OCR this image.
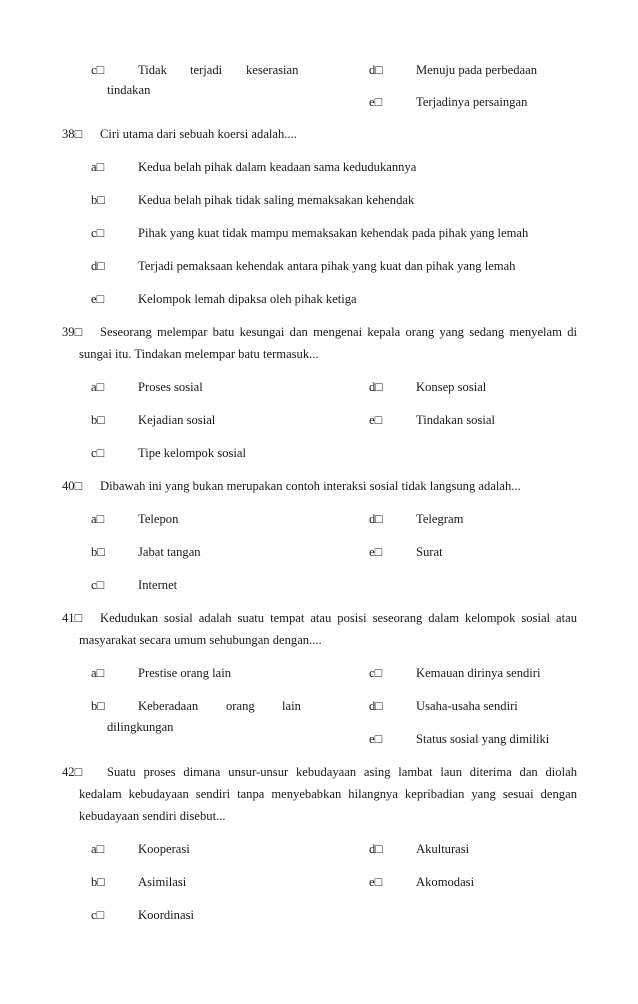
c□	Tidak terjadi keserasian
tindakan
d□	Menuju pada perbedaan
e□	Terjadinya persaingan
38□ Ciri utama dari sebuah koersi adalah....
a□	Kedua belah pihak dalam keadaan sama kedudukannya
b□	Kedua belah pihak tidak saling memaksakan kehendak
c□	Pihak yang kuat tidak mampu memaksakan kehendak pada pihak yang lemah
d□	Terjadi pemaksaan kehendak antara pihak yang kuat dan pihak yang lemah
e□	Kelompok lemah dipaksa oleh pihak ketiga
39□ Seseorang melempar batu kesungai dan mengenai kepala orang yang sedang menyelam di
sungai itu. Tindakan melempar batu termasuk...
a□	Proses sosial
b□	Kejadian sosial
c□	Tipe kelompok sosial
d□	Konsep sosial
e□	Tindakan sosial
40□ Dibawah ini yang bukan merupakan contoh interaksi sosial tidak langsung adalah...
a□	Telepon
b□	Jabat tangan
c□	Internet
d□	Telegram
e□	Surat
41□ Kedudukan sosial adalah suatu tempat atau posisi seseorang dalam kelompok sosial atau
masyarakat secara umum sehubungan dengan....
a□	Prestise orang lain
b□	Keberadaan orang lain
dilingkungan
c□	Kemauan dirinya sendiri
d□	Usaha-usaha sendiri
e□	Status sosial yang dimiliki
42□ Suatu proses dimana unsur-unsur kebudayaan asing lambat laun diterima dan diolah
kedalam kebudayaan sendiri tanpa menyebabkan hilangnya kepribadian yang sesuai dengan
kebudayaan sendiri disebut...
a□	Kooperasi
b□	Asimilasi
c□	Koordinasi
d□	Akulturasi
e□	Akomodasi
